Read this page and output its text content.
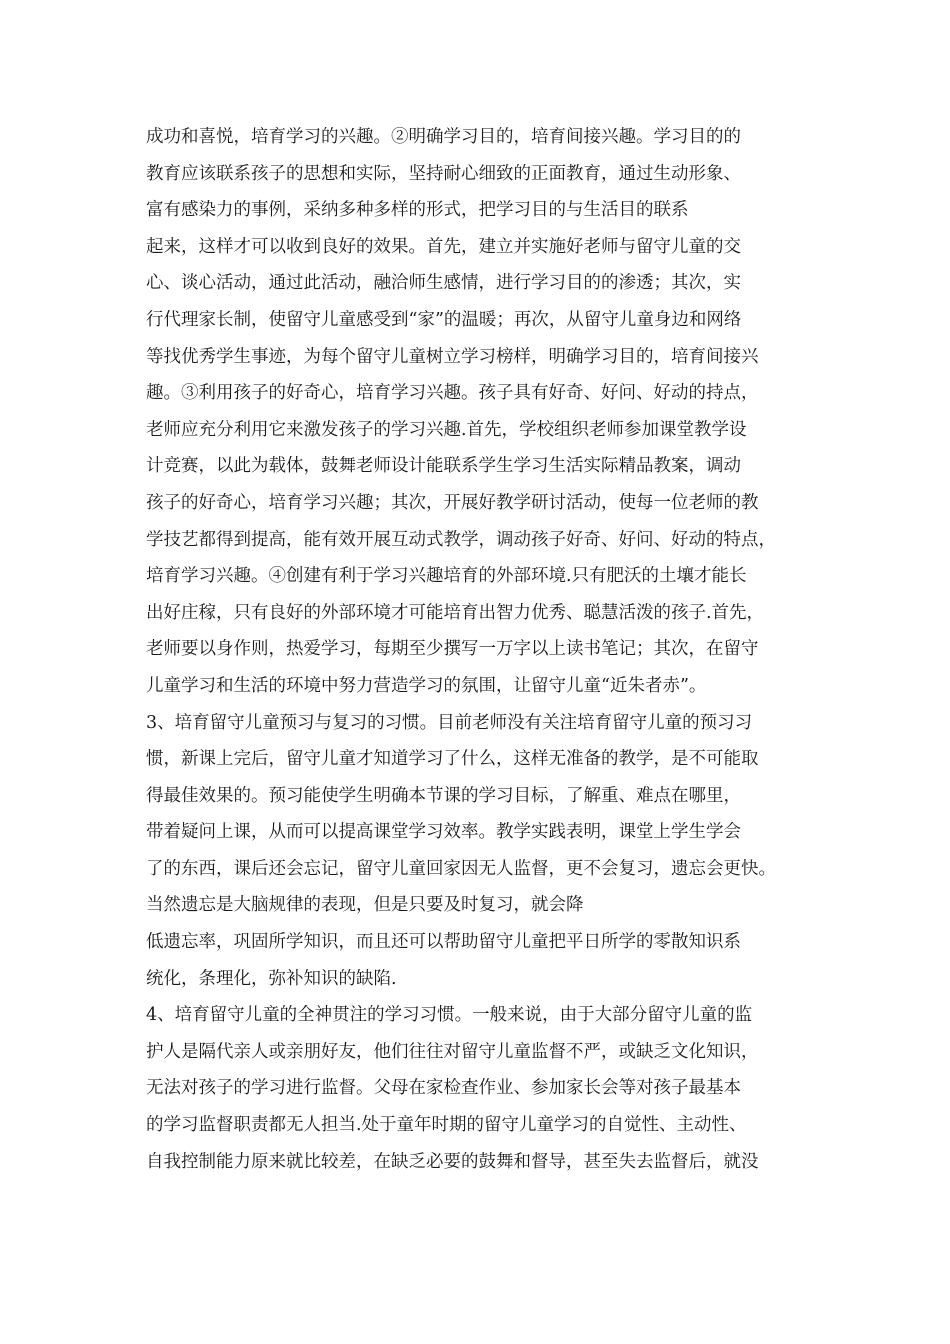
成功和喜悦，培育学习的兴趣。②明确学习目的，培育间接兴趣。学习目的的
教育应该联系孩子的思想和实际，坚持耐心细致的正面教育，通过生动形象、
富有感染力的事例，采纳多种多样的形式，把学习目的与生活目的联系
起来，这样才可以收到良好的效果。首先，建立并实施好老师与留守儿童的交
心、谈心活动，通过此活动，融洽师生感情，进行学习目的的渗透；其次，实
行代理家长制，使留守儿童感受到“家”的温暖；再次，从留守儿童身边和网络
等找优秀学生事迹，为每个留守儿童树立学习榜样，明确学习目的，培育间接兴
趣。③利用孩子的好奇心，培育学习兴趣。孩子具有好奇、好问、好动的持点，
老师应充分利用它来激发孩子的学习兴趣.首先，学校组织老师参加课堂教学设
计竞赛，以此为载体，鼓舞老师设计能联系学生学习生活实际精品教案，调动
孩子的好奇心，培育学习兴趣；其次，开展好教学研讨活动，使每一位老师的教
学技艺都得到提高，能有效开展互动式教学，调动孩子好奇、好问、好动的特点，
培育学习兴趣。④创建有利于学习兴趣培育的外部环境.只有肥沃的土壤才能长
出好庄稼，只有良好的外部环境才可能培育出智力优秀、聪慧活泼的孩子.首先，
老师要以身作则，热爱学习，每期至少撰写一万字以上读书笔记；其次，在留守
儿童学习和生活的环境中努力营造学习的氛围，让留守儿童“近朱者赤”。
3、培育留守儿童预习与复习的习惯。目前老师没有关注培育留守儿童的预习习
惯，新课上完后，留守儿童才知道学习了什么，这样无准备的教学，是不可能取
得最佳效果的。预习能使学生明确本节课的学习目标，了解重、难点在哪里，
带着疑问上课，从而可以提高课堂学习效率。教学实践表明，课堂上学生学会
了的东西，课后还会忘记，留守儿童回家因无人监督，更不会复习，遗忘会更快。
当然遗忘是大脑规律的表现，但是只要及时复习，就会降
低遗忘率，巩固所学知识，而且还可以帮助留守儿童把平日所学的零散知识系
统化，条理化，弥补知识的缺陷.
4、培育留守儿童的全神贯注的学习习惯。一般来说，由于大部分留守儿童的监
护人是隔代亲人或亲朋好友，他们往往对留守儿童监督不严，或缺乏文化知识，
无法对孩子的学习进行监督。父母在家检查作业、参加家长会等对孩子最基本
的学习监督职责都无人担当.处于童年时期的留守儿童学习的自觉性、主动性、
自我控制能力原来就比较差，在缺乏必要的鼓舞和督导，甚至失去监督后，就没
